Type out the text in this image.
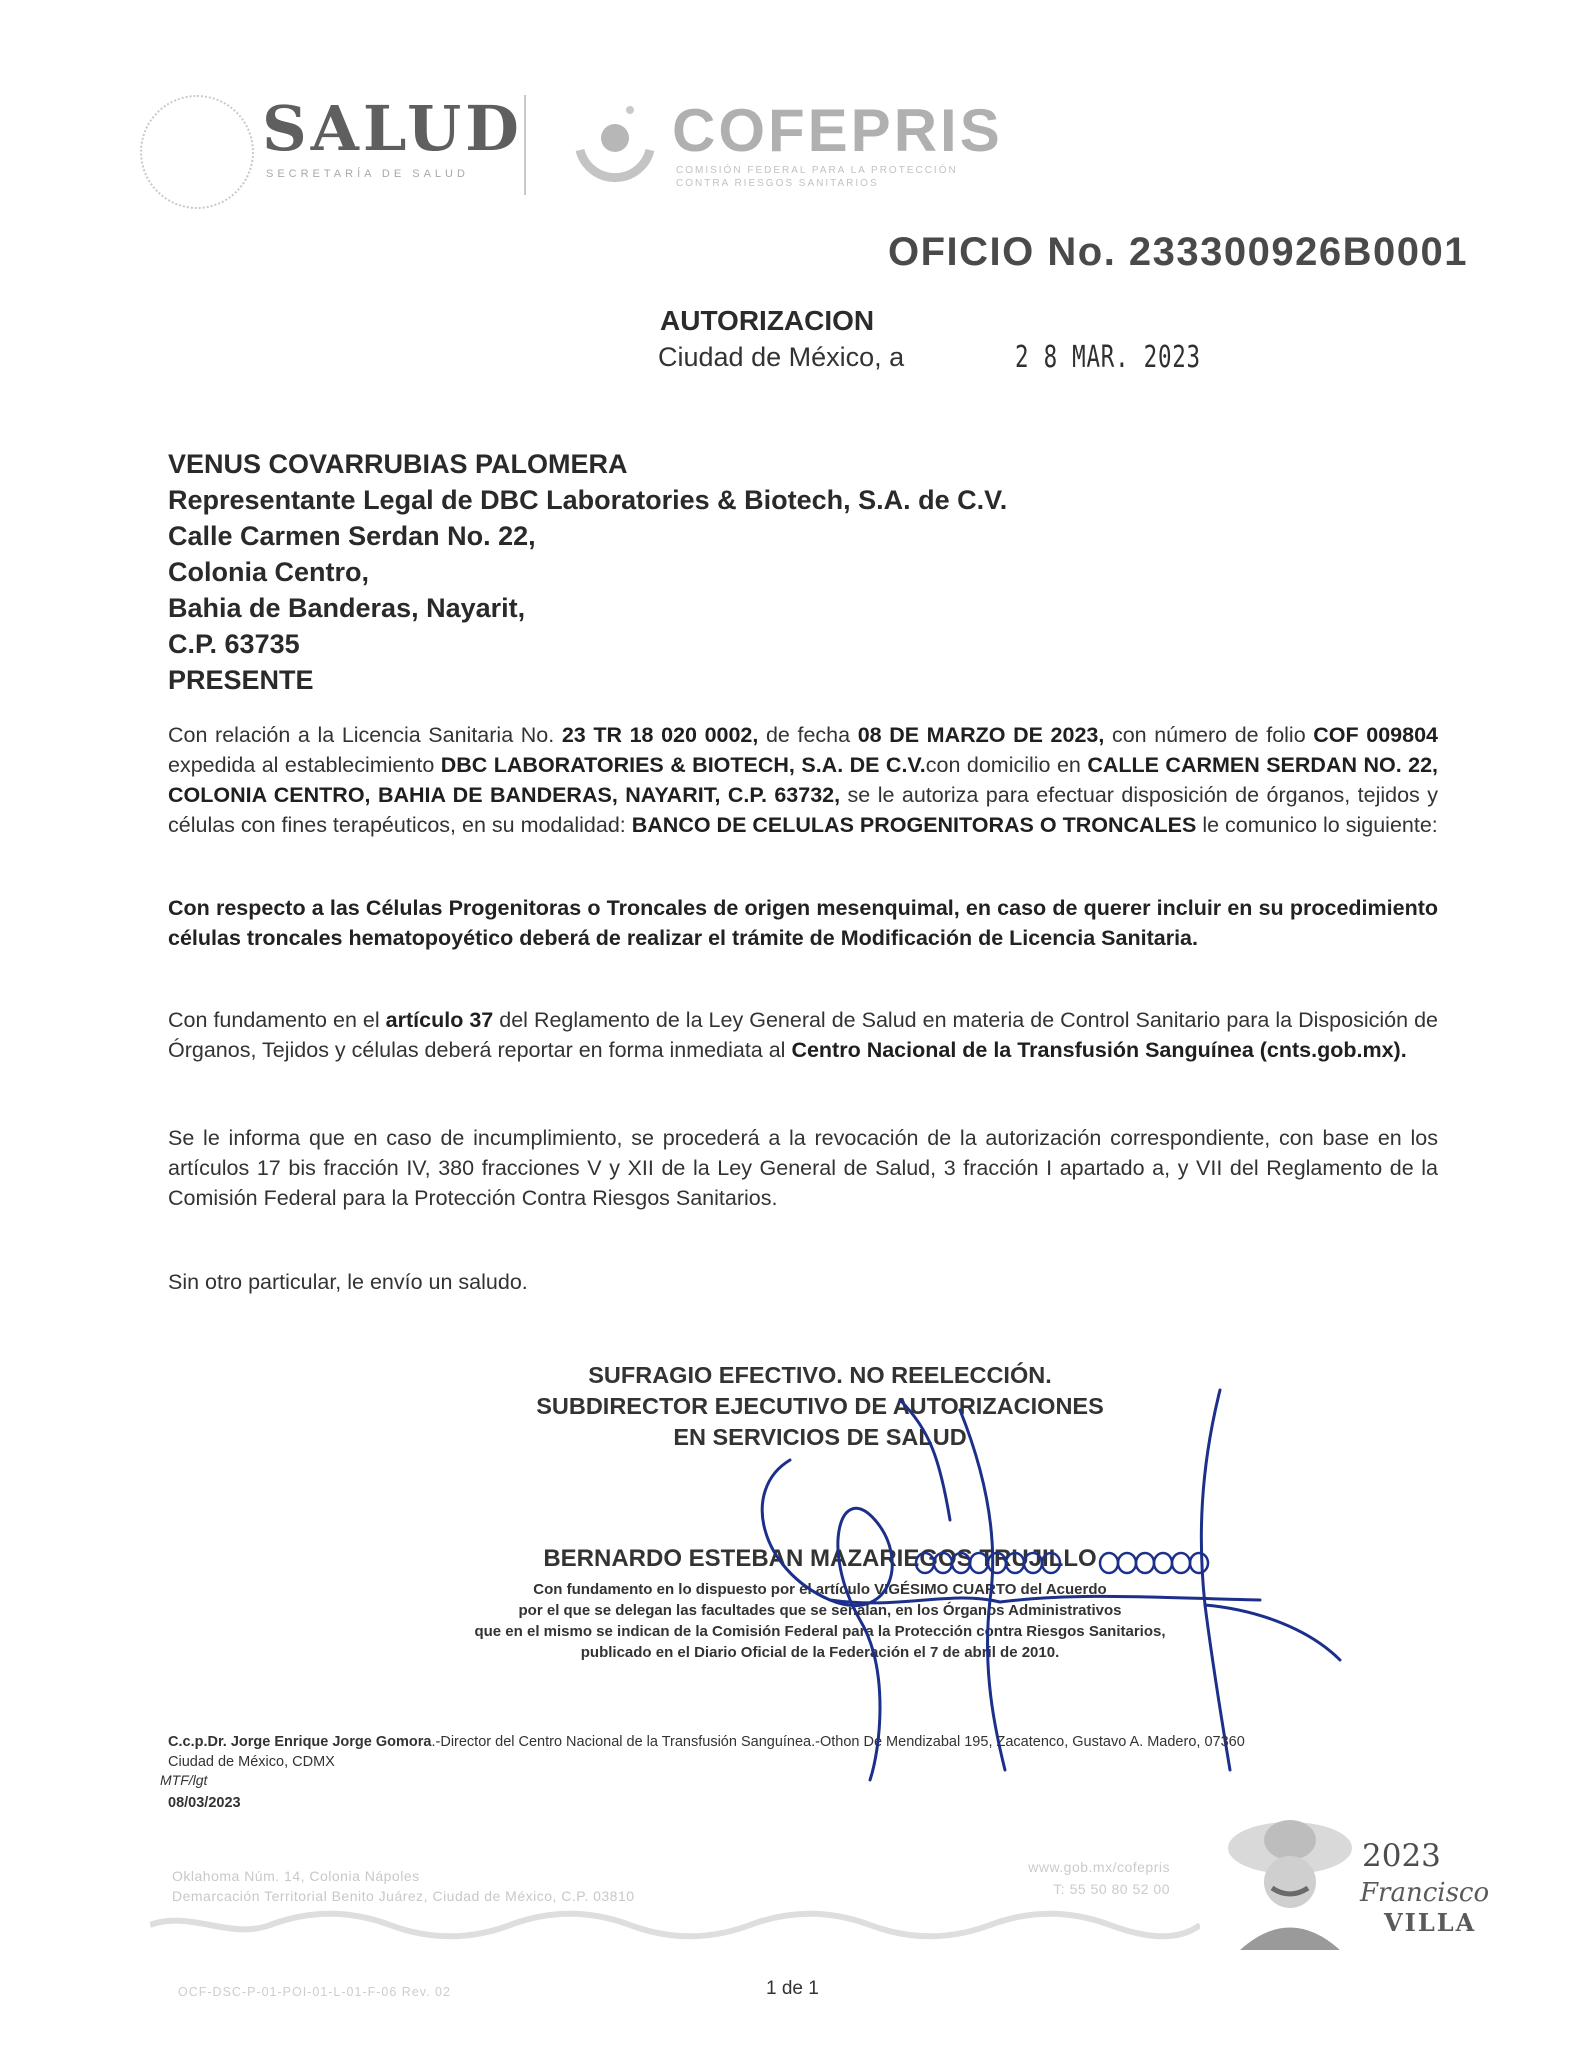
SALUD
SECRETARÍA DE SALUD
COFEPRIS
COMISIÓN FEDERAL PARA LA PROTECCIÓN CONTRA RIESGOS SANITARIOS
OFICIO No. 233300926B0001
AUTORIZACION
Ciudad de México, a	2 8 MAR. 2023
VENUS COVARRUBIAS PALOMERA
Representante Legal de DBC Laboratories & Biotech, S.A. de C.V.
Calle Carmen Serdan No. 22,
Colonia Centro,
Bahia de Banderas, Nayarit,
C.P. 63735
PRESENTE
Con relación a la Licencia Sanitaria No. 23 TR 18 020 0002, de fecha 08 DE MARZO DE 2023, con número de folio COF 009804 expedida al establecimiento DBC LABORATORIES & BIOTECH, S.A. DE C.V.con domicilio en CALLE CARMEN SERDAN NO. 22, COLONIA CENTRO, BAHIA DE BANDERAS, NAYARIT, C.P. 63732, se le autoriza para efectuar disposición de órganos, tejidos y células con fines terapéuticos, en su modalidad: BANCO DE CELULAS PROGENITORAS O TRONCALES le comunico lo siguiente:
Con respecto a las Células Progenitoras o Troncales de origen mesenquimal, en caso de querer incluir en su procedimiento células troncales hematopoyético deberá de realizar el trámite de Modificación de Licencia Sanitaria.
Con fundamento en el artículo 37 del Reglamento de la Ley General de Salud en materia de Control Sanitario para la Disposición de Órganos, Tejidos y células deberá reportar en forma inmediata al Centro Nacional de la Transfusión Sanguínea (cnts.gob.mx).
Se le informa que en caso de incumplimiento, se procederá a la revocación de la autorización correspondiente, con base en los artículos 17 bis fracción IV, 380 fracciones V y XII de la Ley General de Salud, 3 fracción I apartado a, y VII del Reglamento de la Comisión Federal para la Protección Contra Riesgos Sanitarios.
Sin otro particular, le envío un saludo.
SUFRAGIO EFECTIVO. NO REELECCIÓN.
SUBDIRECTOR EJECUTIVO DE AUTORIZACIONES
EN SERVICIOS DE SALUD
BERNARDO ESTEBAN MAZARIEGOS TRUJILLO
Con fundamento en lo dispuesto por el artículo VIGÉSIMO CUARTO del Acuerdo
por el que se delegan las facultades que se señalan, en los Órganos Administrativos
que en el mismo se indican de la Comisión Federal para la Protección contra Riesgos Sanitarios,
publicado en el Diario Oficial de la Federación el 7 de abril de 2010.
C.c.p.Dr. Jorge Enrique Jorge Gomora.-Director del Centro Nacional de la Transfusión Sanguínea.-Othon De Mendizabal 195, Zacatenco, Gustavo A. Madero, 07360
Ciudad de México, CDMX
MTF/lgt
08/03/2023
Oklahoma Núm. 14, Colonia Nápoles
Demarcación Territorial Benito Juárez, Ciudad de México, C.P. 03810
www.gob.mx/cofepris
T: 55 50 80 52 00
2023
Francisco
VILLA
OCF-DSC-P-01-POI-01-L-01-F-06 Rev. 02	1 de 1
